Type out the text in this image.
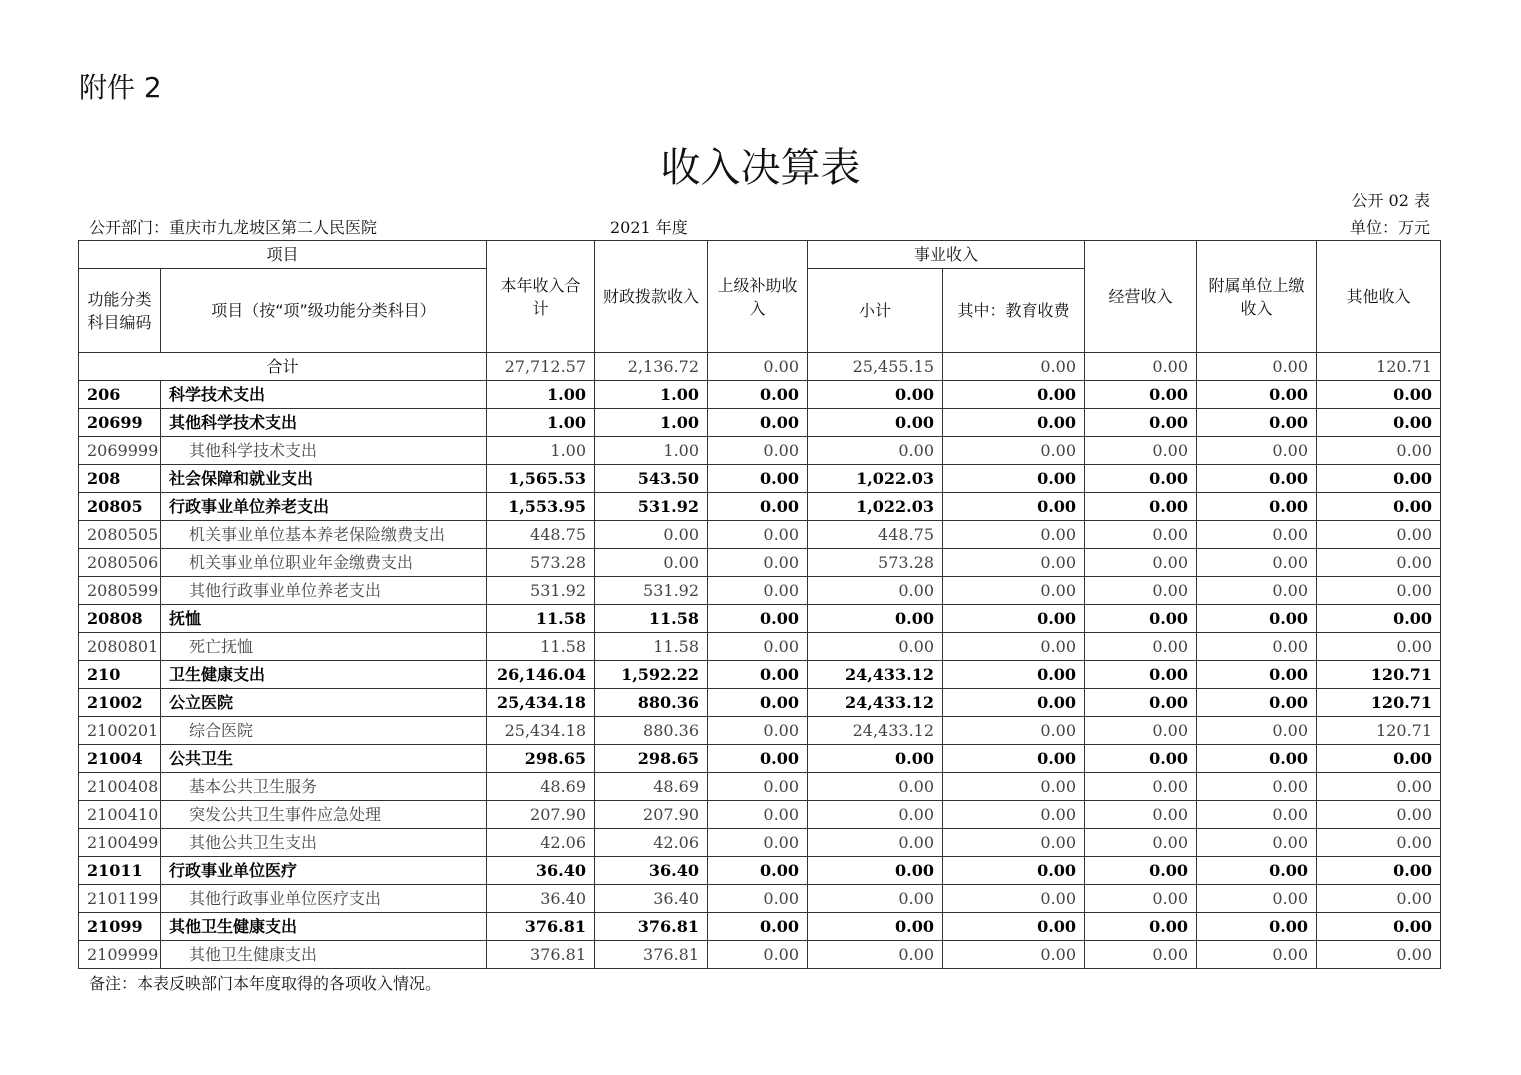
附件 2
收入决算表
公开 02 表
公开部门：重庆市九龙坡区第二人民医院	2021 年度	单位：万元
项目		本年收入合计	财政拨款收入	上级补助收入	事业收入		经营收入	附属单位上缴收入	其他收入
功能分类科目编码	项目（按“项”级功能分类科目）				小计	其中：教育收费			

合计		27,712.57	2,136.72	0.00	25,455.15	0.00	0.00	0.00	120.71
206	科学技术支出	1.00	1.00	0.00	0.00	0.00	0.00	0.00	0.00
20699	其他科学技术支出	1.00	1.00	0.00	0.00	0.00	0.00	0.00	0.00
2069999	其他科学技术支出	1.00	1.00	0.00	0.00	0.00	0.00	0.00	0.00
208	社会保障和就业支出	1,565.53	543.50	0.00	1,022.03	0.00	0.00	0.00	0.00
20805	行政事业单位养老支出	1,553.95	531.92	0.00	1,022.03	0.00	0.00	0.00	0.00
2080505	机关事业单位基本养老保险缴费支出	448.75	0.00	0.00	448.75	0.00	0.00	0.00	0.00
2080506	机关事业单位职业年金缴费支出	573.28	0.00	0.00	573.28	0.00	0.00	0.00	0.00
2080599	其他行政事业单位养老支出	531.92	531.92	0.00	0.00	0.00	0.00	0.00	0.00
20808	抚恤	11.58	11.58	0.00	0.00	0.00	0.00	0.00	0.00
2080801	死亡抚恤	11.58	11.58	0.00	0.00	0.00	0.00	0.00	0.00
210	卫生健康支出	26,146.04	1,592.22	0.00	24,433.12	0.00	0.00	0.00	120.71
21002	公立医院	25,434.18	880.36	0.00	24,433.12	0.00	0.00	0.00	120.71
2100201	综合医院	25,434.18	880.36	0.00	24,433.12	0.00	0.00	0.00	120.71
21004	公共卫生	298.65	298.65	0.00	0.00	0.00	0.00	0.00	0.00
2100408	基本公共卫生服务	48.69	48.69	0.00	0.00	0.00	0.00	0.00	0.00
2100410	突发公共卫生事件应急处理	207.90	207.90	0.00	0.00	0.00	0.00	0.00	0.00
2100499	其他公共卫生支出	42.06	42.06	0.00	0.00	0.00	0.00	0.00	0.00
21011	行政事业单位医疗	36.40	36.40	0.00	0.00	0.00	0.00	0.00	0.00
2101199	其他行政事业单位医疗支出	36.40	36.40	0.00	0.00	0.00	0.00	0.00	0.00
21099	其他卫生健康支出	376.81	376.81	0.00	0.00	0.00	0.00	0.00	0.00
2109999	其他卫生健康支出	376.81	376.81	0.00	0.00	0.00	0.00	0.00	0.00
备注：本表反映部门本年度取得的各项收入情况。
